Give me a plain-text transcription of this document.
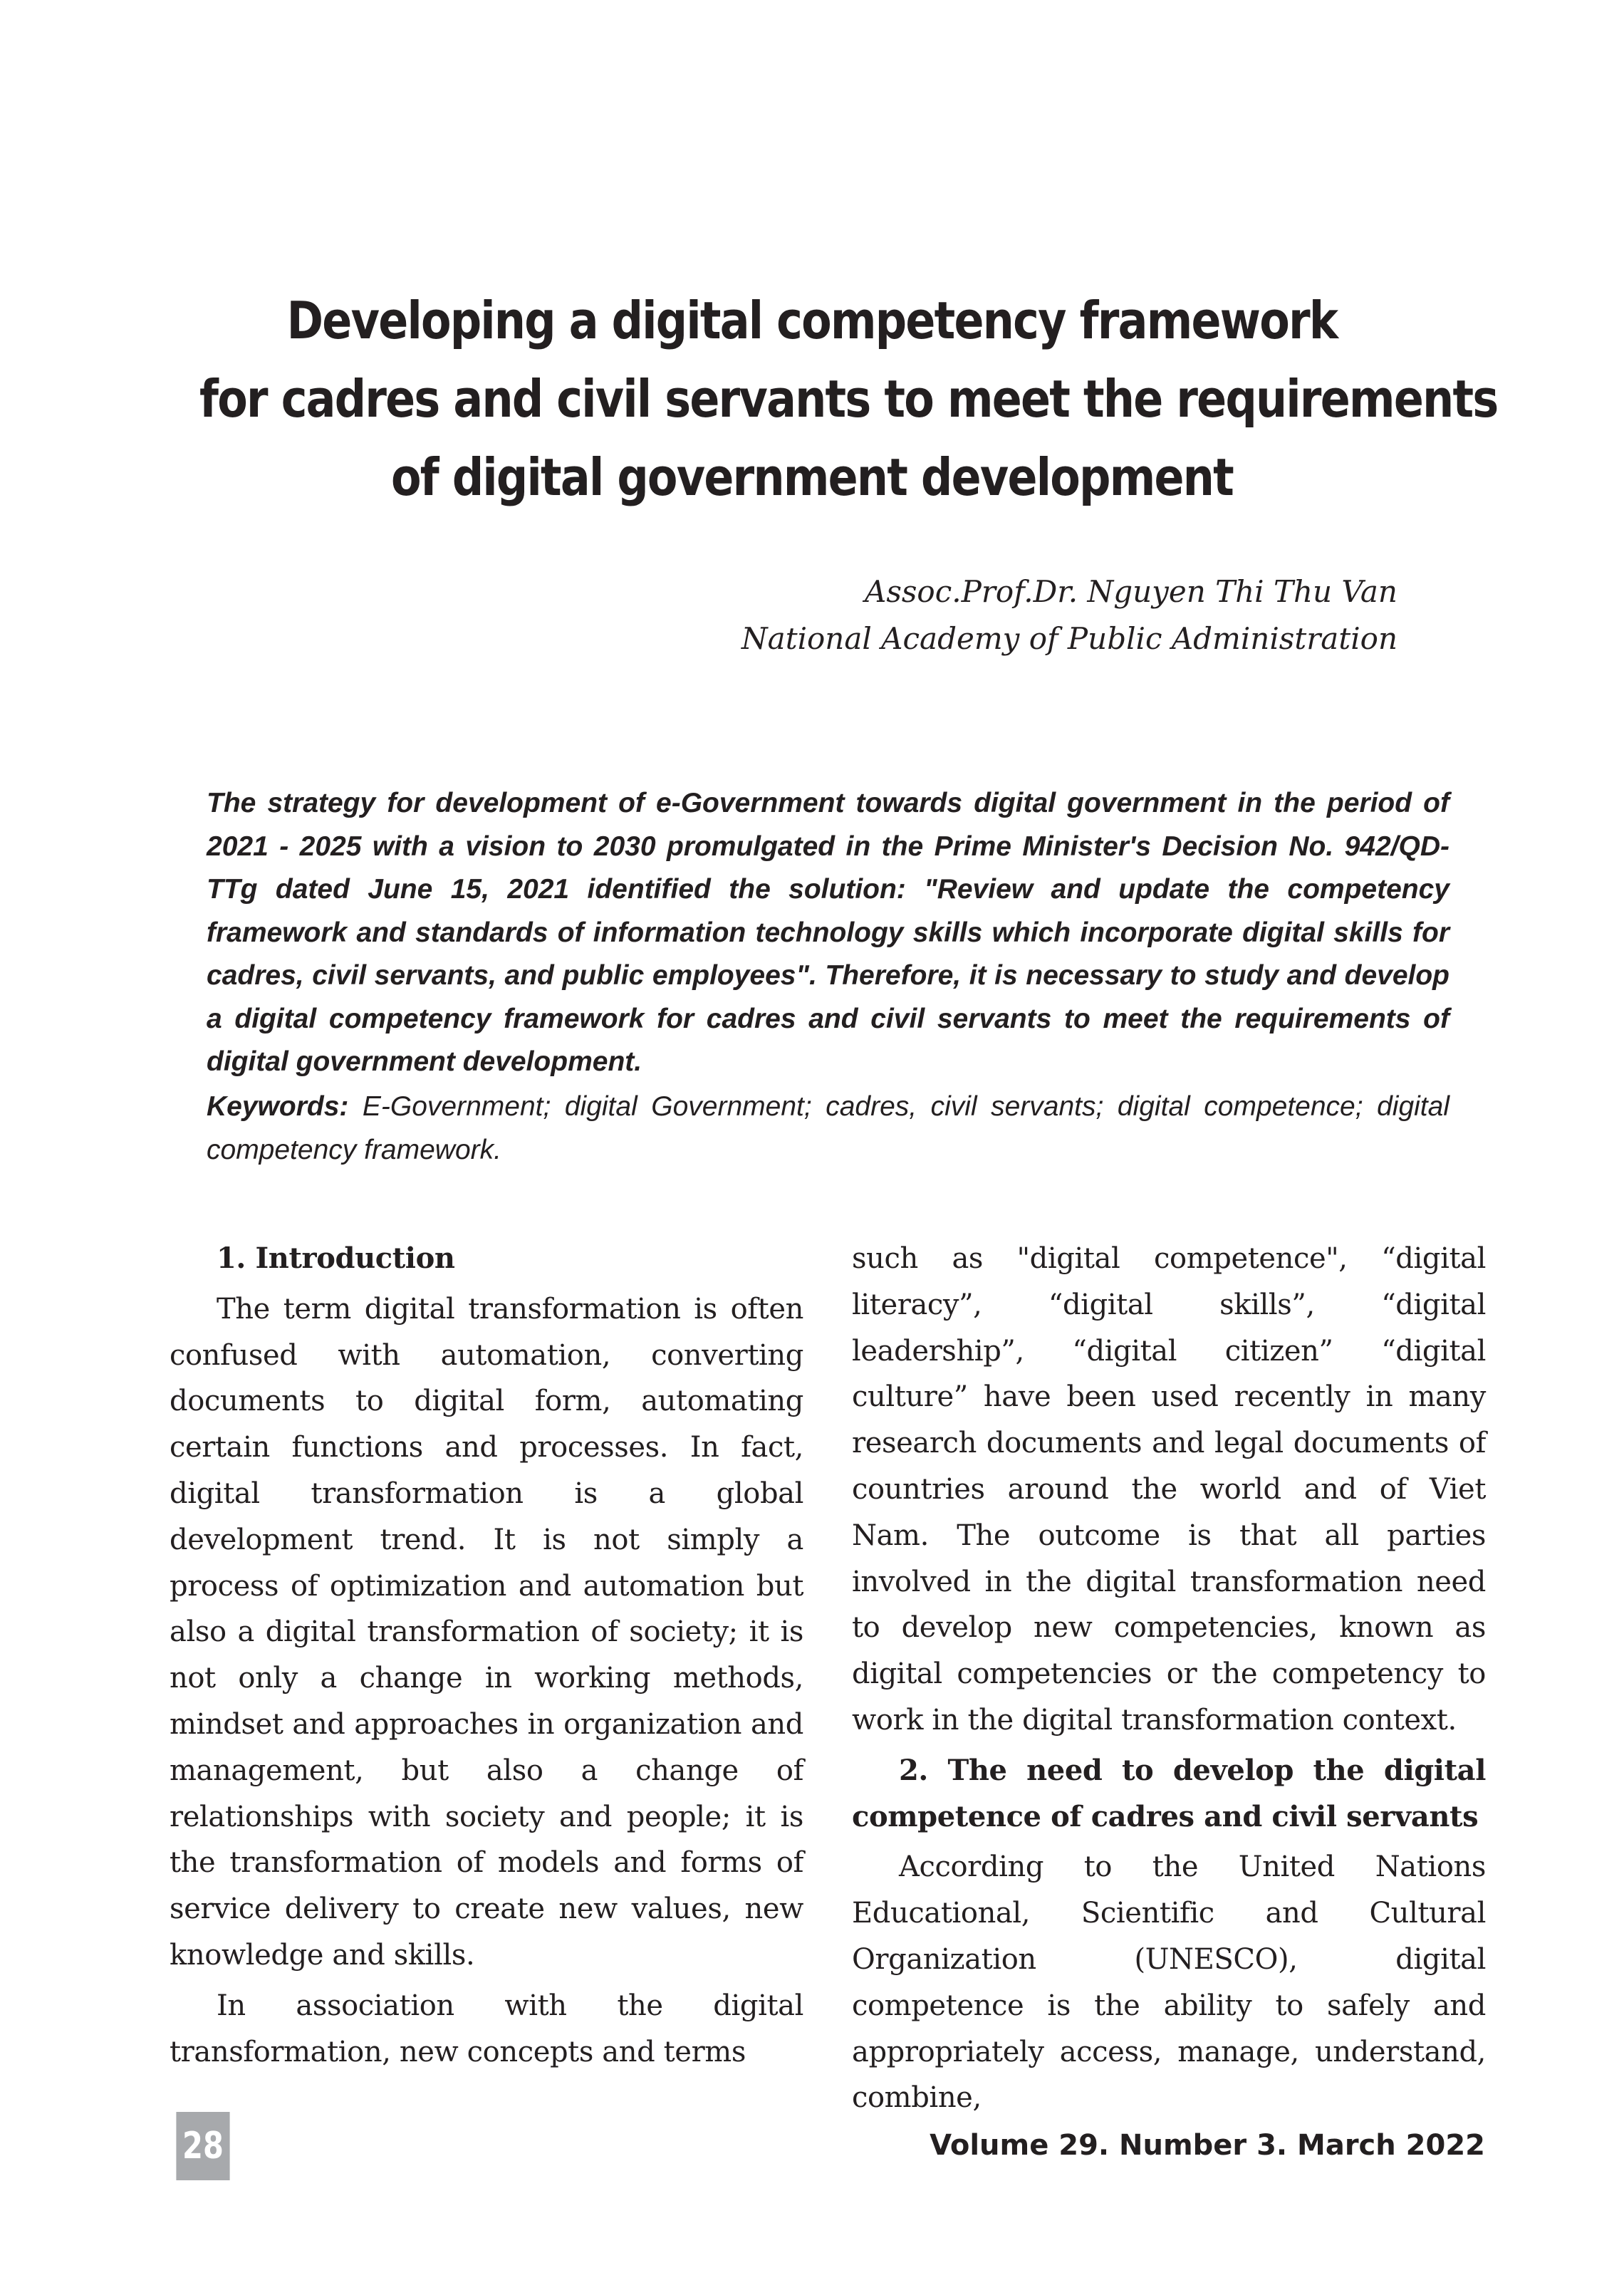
Developing a digital competency framework
for cadres and civil servants to meet the requirements
of digital government development
Assoc.Prof.Dr. Nguyen Thi Thu Van
National Academy of Public Administration

The strategy for development of e-Government towards digital government in the period of 2021 - 2025 with a vision to 2030 promulgated in the Prime Minister's Decision No. 942/QD-TTg dated June 15, 2021 identified the solution: "Review and update the competency framework and standards of information technology skills which incorporate digital skills for cadres, civil servants, and public employees". Therefore, it is necessary to study and develop a digital competency framework for cadres and civil servants to meet the requirements of digital government development.

Keywords: E-Government; digital Government; cadres, civil servants; digital competence; digital competency framework.

1. Introduction

The term digital transformation is often confused with automation, converting documents to digital form, automating certain functions and processes. In fact, digital transformation is a global development trend. It is not simply a process of optimization and automation but also a digital transformation of society; it is not only a change in working methods, mindset and approaches in organization and management, but also a change of relationships with society and people; it is the transformation of models and forms of service delivery to create new values, new knowledge and skills.

In association with the digital transformation, new concepts and terms

such as "digital competence", “digital literacy”, “digital skills”, “digital leadership”, “digital citizen” “digital culture” have been used recently in many research documents and legal documents of countries around the world and of Viet Nam. The outcome is that all parties involved in the digital transformation need to develop new competencies, known as digital competencies or the competency to work in the digital transformation context.

2. The need to develop the digital competence of cadres and civil servants

According to the United Nations Educational, Scientific and Cultural Organization (UNESCO), digital competence is the ability to safely and appropriately access, manage, understand, combine,

28	Volume 29. Number 3. March 2022
